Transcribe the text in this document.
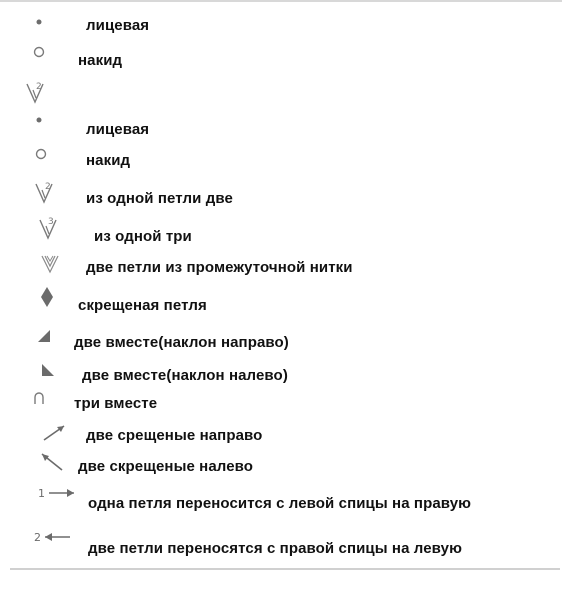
лицевая
накид
2
лицевая
накид
2
из одной петли две
3
из одной три
две петли из промежуточной нитки
скрещеная петля
две вместе(наклон направо)
две вместе(наклон налево)
три вместе
две срещеные направо
две скрещеные налево
1
одна петля переносится с левой спицы на правую
2
две петли переносятся с правой спицы на левую
